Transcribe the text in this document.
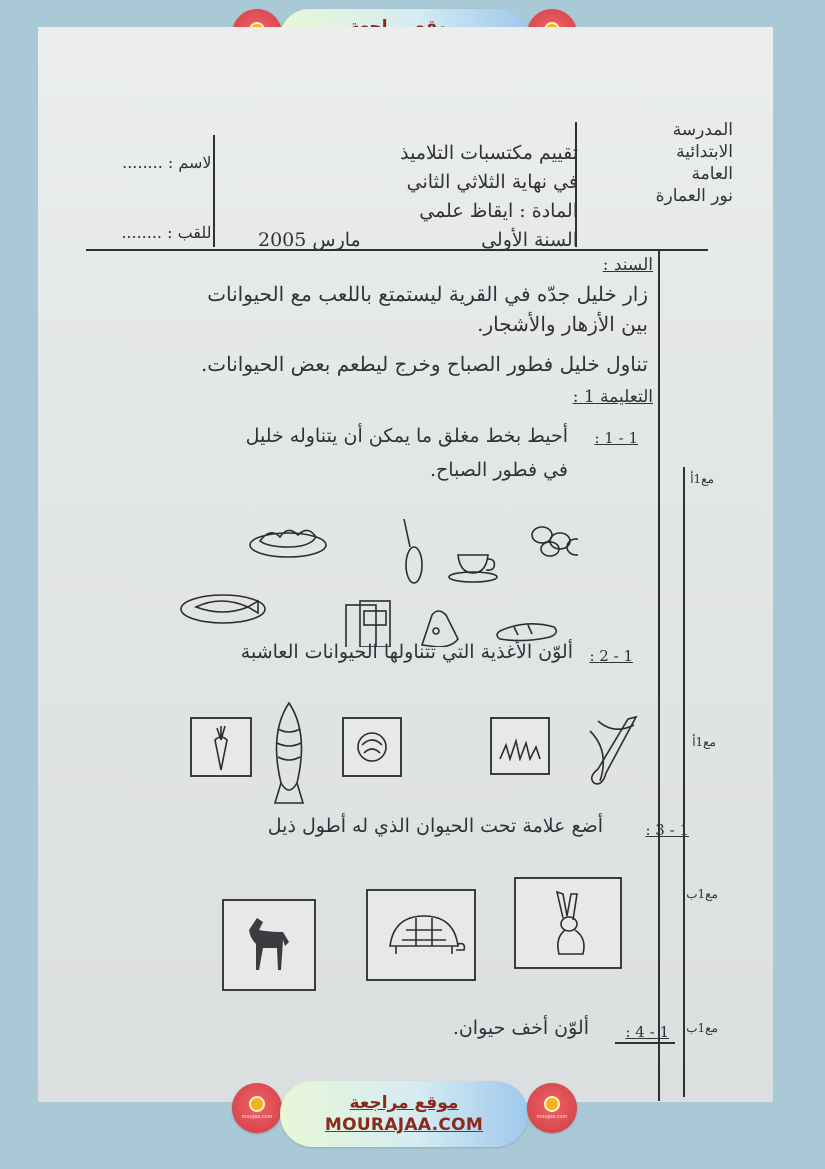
المدرسة
الابتدائية
العامة
نور العمارة
تقييم مكتسبات التلاميذ
في نهاية الثلاثي الثاني
المادة : ايقاظ علمي
السنة الأولى
مارس 2005
الاسم : ........
اللقب : ........
السند :
زار خليل جدّه في القرية ليستمتع باللعب مع الحيوانات
بين الأزهار والأشجار.
تناول خليل فطور الصباح وخرج ليطعم بعض الحيوانات.
التعليمة 1 :
1 - 1 :
أحيط بخط مغلق ما يمكن أن يتناوله خليل
في فطور الصباح.	مع1أ
1 - 2 :
ألوّن الأغذية التي تتناولها الحيوانات العاشبة
مع1أ
1 - 3 :
أضع علامة تحت الحيوان الذي له أطول ذيل
مع1ب
1 - 4 :
ألوّن أخف حيوان.	مع1ب
moujaa.com
موقع مراجعة
MOURAJAA.COM	moujaa.com
